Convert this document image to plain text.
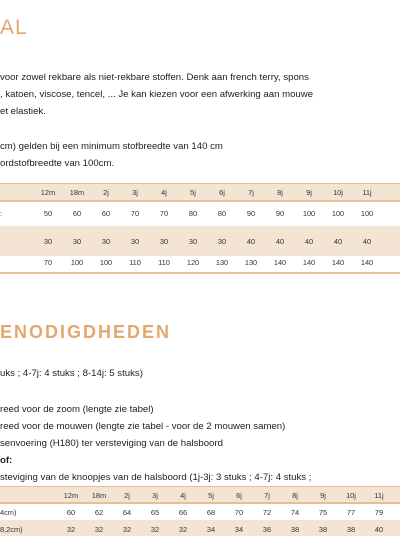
AL
voor zowel rekbare als niet-rekbare stoffen. Denk aan french terry, spons
, katoen, viscose, tencel, ... Je kan kiezen voor een afwerking aan mouwe
et elastiek.
cm) gelden bij een minimum stofbreedte van 140 cm
ordstofbreedte van 100cm.
12m	18m	2j	3j	4j	5j	6j	7j	8j	9j	10j	11j
:	50	60	60	70	70	80	80	90	90	100	100	100
30	30	30	30	30	30	30	40	40	40	40	40
70	100	100	110	110	120	130	130	140	140	140	140
ENODIGDHEDEN
uks ; 4-7j: 4 stuks ; 8-14j: 5 stuks)
reed voor de zoom (lengte zie tabel)
reed voor de mouwen (lengte zie tabel - voor de 2 mouwen samen)
senvoering (H180) ter versteviging van de halsboord
of:
steviging van de knoopjes van de halsboord (1j-3j: 3 stuks ; 4-7j: 4 stuks ;
12m	18m	2j	3j	4j	5j	6j	7j	8j	9j	10j	11j
4cm)	60	62	64	65	66	68	70	72	74	75	77	79
8,2cm)	32	32	32	32	32	34	34	36	38	38	38	40
